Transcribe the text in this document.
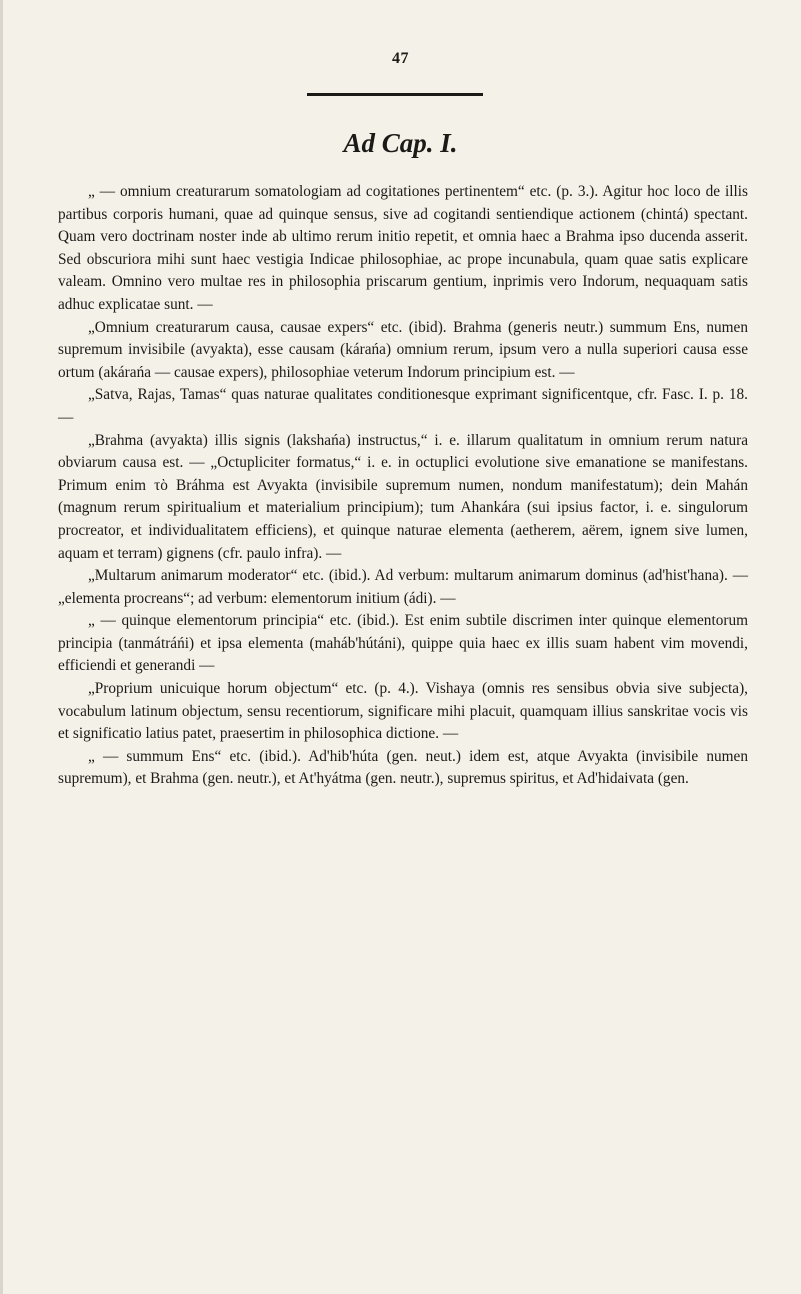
47
Ad Cap. I.

„ — omnium creaturarum somatologiam ad cogitationes pertinentem“ etc. (p. 3.). Agitur hoc loco de illis partibus corporis humani, quae ad quinque sensus, sive ad cogitandi sentiendique actionem (chintá) spectant. Quam vero doctrinam noster inde ab ultimo rerum initio repetit, et omnia haec a Brahma ipso ducenda asserit. Sed obscuriora mihi sunt haec vestigia Indicae philosophiae, ac prope incunabula, quam quae satis explicare valeam. Omnino vero multae res in philosophia priscarum gentium, inprimis vero Indorum, nequaquam satis adhuc explicatae sunt. —

„Omnium creaturarum causa, causae expers“ etc. (ibid). Brahma (generis neutr.) summum Ens, numen supremum invisibile (avyakta), esse causam (kárańa) omnium rerum, ipsum vero a nulla superiori causa esse ortum (akárańa — causae expers), philosophiae veterum Indorum principium est. —

„Satva, Rajas, Tamas“ quas naturae qualitates conditionesque exprimant significentque, cfr. Fasc. I. p. 18. —

„Brahma (avyakta) illis signis (lakshańa) instructus,“ i. e. illarum qualitatum in omnium rerum natura obviarum causa est. — „Octupliciter formatus,“ i. e. in octuplici evolutione sive emanatione se manifestans. Primum enim τὸ Bráhma est Avyakta (invisibile supremum numen, nondum manifestatum); dein Mahán (magnum rerum spiritualium et materialium principium); tum Ahankára (sui ipsius factor, i. e. singulorum procreator, et individualitatem efficiens), et quinque naturae elementa (aetherem, aërem, ignem sive lumen, aquam et terram) gignens (cfr. paulo infra). —

„Multarum animarum moderator“ etc. (ibid.). Ad verbum: multarum animarum dominus (ad'hist'hana). — „elementa procreans“; ad verbum: elementorum initium (ádi). —

„ — quinque elementorum principia“ etc. (ibid.). Est enim subtile discrimen inter quinque elementorum principia (tanmátráńi) et ipsa elementa (maháb'hútáni), quippe quia haec ex illis suam habent vim movendi, efficiendi et generandi —

„Proprium unicuique horum objectum“ etc. (p. 4.). Vishaya (omnis res sensibus obvia sive subjecta), vocabulum latinum objectum, sensu recentiorum, significare mihi placuit, quamquam illius sanskritae vocis vis et significatio latius patet, praesertim in philosophica dictione. —

„ — summum Ens“ etc. (ibid.). Ad'hib'húta (gen. neut.) idem est, atque Avyakta (invisibile numen supremum), et Brahma (gen. neutr.), et At'hyátma (gen. neutr.), supremus spiritus, et Ad'hidaivata (gen.
